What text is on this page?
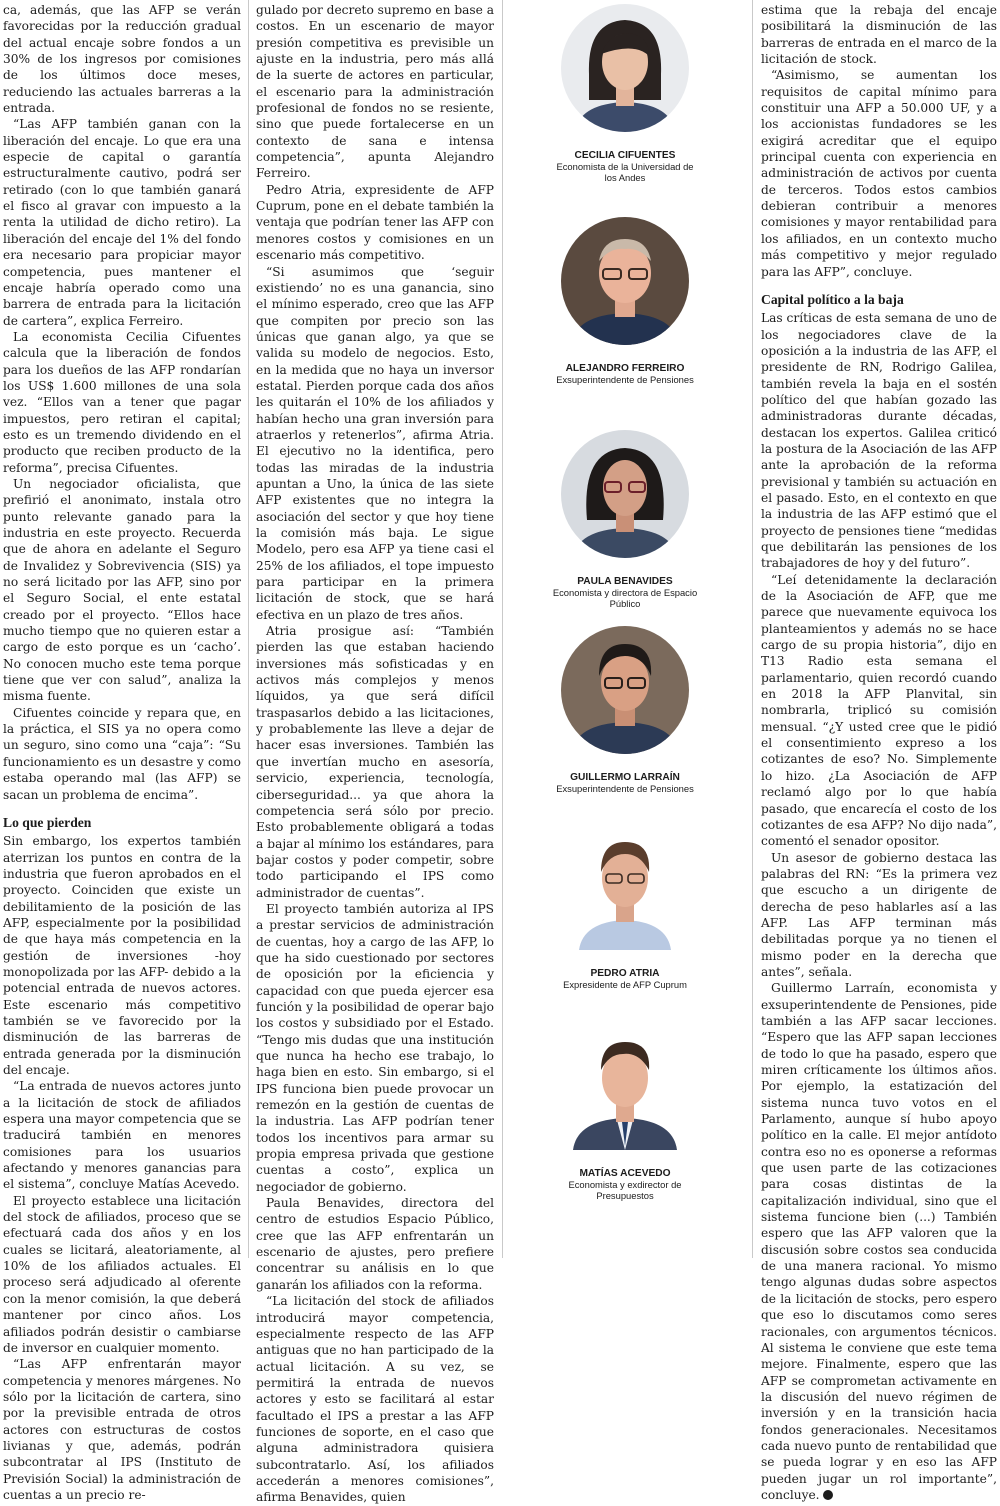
ca, además, que las AFP se verán favorecidas por la reducción gradual del actual encaje sobre fondos a un 30% de los ingresos por comisiones de los últimos doce meses, reduciendo las actuales barreras a la entrada.

“Las AFP también ganan con la liberación del encaje. Lo que era una especie de capital o garantía estructuralmente cautivo, podrá ser retirado (con lo que también ganará el fisco al gravar con impuesto a la renta la utilidad de dicho retiro). La liberación del encaje del 1% del fondo era necesario para propiciar mayor competencia, pues mantener el encaje habría operado como una barrera de entrada para la licitación de cartera”, explica Ferreiro.

La economista Cecilia Cifuentes calcula que la liberación de fondos para los dueños de las AFP rondarían los US$ 1.600 millones de una sola vez. “Ellos van a tener que pagar impuestos, pero retiran el capital; esto es un tremendo dividendo en el producto que reciben producto de la reforma”, precisa Cifuentes.

Un negociador oficialista, que prefirió el anonimato, instala otro punto relevante ganado para la industria en este proyecto. Recuerda que de ahora en adelante el Seguro de Invalidez y Sobrevivencia (SIS) ya no será licitado por las AFP, sino por el Seguro Social, el ente estatal creado por el proyecto. “Ellos hace mucho tiempo que no quieren estar a cargo de esto porque es un ‘cacho’. No conocen mucho este tema porque tiene que ver con salud”, analiza la misma fuente.

Cifuentes coincide y repara que, en la práctica, el SIS ya no opera como un seguro, sino como una “caja”: “Su funcionamiento es un desastre y como estaba operando mal (las AFP) se sacan un problema de encima”.

Lo que pierden

Sin embargo, los expertos también aterrizan los puntos en contra de la industria que fueron aprobados en el proyecto. Coinciden que existe un debilitamiento de la posición de las AFP, especialmente por la posibilidad de que haya más competencia en la gestión de inversiones -hoy monopolizada por las AFP- debido a la potencial entrada de nuevos actores. Este escenario más competitivo también se ve favorecido por la disminución de las barreras de entrada generada por la disminución del encaje.

“La entrada de nuevos actores junto a la licitación de stock de afiliados espera una mayor competencia que se traducirá también en menores comisiones para los usuarios afectando y menores ganancias para el sistema”, concluye Matías Acevedo.

El proyecto establece una licitación del stock de afiliados, proceso que se efectuará cada dos años y en los cuales se licitará, aleatoriamente, al 10% de los afiliados actuales. El proceso será adjudicado al oferente con la menor comisión, la que deberá mantener por cinco años. Los afiliados podrán desistir o cambiarse de inversor en cualquier momento.

“Las AFP enfrentarán mayor competencia y menores márgenes. No sólo por la licitación de cartera, sino por la previsible entrada de otros actores con estructuras de costos livianas y que, además, podrán subcontratar al IPS (Instituto de Previsión Social) la administración de cuentas a un precio re-

gulado por decreto supremo en base a costos. En un escenario de mayor presión competitiva es previsible un ajuste en la industria, pero más allá de la suerte de actores en particular, el escenario para la administración profesional de fondos no se resiente, sino que puede fortalecerse en un contexto de sana e intensa competencia”, apunta Alejandro Ferreiro.

Pedro Atria, expresidente de AFP Cuprum, pone en el debate también la ventaja que podrían tener las AFP con menores costos y comisiones en un escenario más competitivo.

“Si asumimos que ‘seguir existiendo’ no es una ganancia, sino el mínimo esperado, creo que las AFP que compiten por precio son las únicas que ganan algo, ya que se valida su modelo de negocios. Esto, en la medida que no haya un inversor estatal. Pierden porque cada dos años les quitarán el 10% de los afiliados y habían hecho una gran inversión para atraerlos y retenerlos”, afirma Atria. El ejecutivo no la identifica, pero todas las miradas de la industria apuntan a Uno, la única de las siete AFP existentes que no integra la asociación del sector y que hoy tiene la comisión más baja. Le sigue Modelo, pero esa AFP ya tiene casi el 25% de los afiliados, el tope impuesto para participar en la primera licitación de stock, que se hará efectiva en un plazo de tres años.

Atria prosigue así: “También pierden las que estaban haciendo inversiones más sofisticadas y en activos más complejos y menos líquidos, ya que será difícil traspasarlos debido a las licitaciones, y probablemente las lleve a dejar de hacer esas inversiones. También las que invertían mucho en asesoría, servicio, experiencia, tecnología, ciberseguridad... ya que ahora la competencia será sólo por precio. Esto probablemente obligará a todas a bajar al mínimo los estándares, para bajar costos y poder competir, sobre todo participando el IPS como administrador de cuentas”.

El proyecto también autoriza al IPS a prestar servicios de administración de cuentas, hoy a cargo de las AFP, lo que ha sido cuestionado por sectores de oposición por la eficiencia y capacidad con que pueda ejercer esa función y la posibilidad de operar bajo los costos y subsidiado por el Estado. “Tengo mis dudas que una institución que nunca ha hecho ese trabajo, lo haga bien en esto. Sin embargo, si el IPS funciona bien puede provocar un remezón en la gestión de cuentas de la industria. Las AFP podrían tener todos los incentivos para armar su propia empresa privada que gestione cuentas a costo”, explica un negociador de gobierno.

Paula Benavides, directora del centro de estudios Espacio Público, cree que las AFP enfrentarán un escenario de ajustes, pero prefiere concentrar su análisis en lo que ganarán los afiliados con la reforma.

“La licitación del stock de afiliados introducirá mayor competencia, especialmente respecto de las AFP antiguas que no han participado de la actual licitación. A su vez, se permitirá la entrada de nuevos actores y esto se facilitará al estar facultado el IPS a prestar a las AFP funciones de soporte, en el caso que alguna administradora quisiera subcontratarlo. Así, los afiliados accederán a menores comisiones”, afirma Benavides, quien

CECILIA CIFUENTES
Economista de la Universidad de los Andes
ALEJANDRO FERREIRO
Exsuperintendente de Pensiones
PAULA BENAVIDES
Economista y directora de Espacio Público
GUILLERMO LARRAÍN
Exsuperintendente de Pensiones
PEDRO ATRIA
Expresidente de AFP Cuprum
MATÍAS ACEVEDO
Economista y exdirector de Presupuestos

estima que la rebaja del encaje posibilitará la disminución de las barreras de entrada en el marco de la licitación de stock.

“Asimismo, se aumentan los requisitos de capital mínimo para constituir una AFP a 50.000 UF, y a los accionistas fundadores se les exigirá acreditar que el equipo principal cuenta con experiencia en administración de activos por cuenta de terceros. Todos estos cambios debieran contribuir a menores comisiones y mayor rentabilidad para los afiliados, en un contexto mucho más competitivo y mejor regulado para las AFP”, concluye.

Capital político a la baja

Las críticas de esta semana de uno de los negociadores clave de la oposición a la industria de las AFP, el presidente de RN, Rodrigo Galilea, también revela la baja en el sostén político del que habían gozado las administradoras durante décadas, destacan los expertos. Galilea criticó la postura de la Asociación de las AFP ante la aprobación de la reforma previsional y también su actuación en el pasado. Esto, en el contexto en que la industria de las AFP estimó que el proyecto de pensiones tiene “medidas que debilitarán las pensiones de los trabajadores de hoy y del futuro”.

“Leí detenidamente la declaración de la Asociación de AFP, que me parece que nuevamente equivoca los planteamientos y además no se hace cargo de su propia historia”, dijo en T13 Radio esta semana el parlamentario, quien recordó cuando en 2018 la AFP Planvital, sin nombrarla, triplicó su comisión mensual. “¿Y usted cree que le pidió el consentimiento expreso a los cotizantes de eso? No. Simplemente lo hizo. ¿La Asociación de AFP reclamó algo por lo que había pasado, que encarecía el costo de los cotizantes de esa AFP? No dijo nada”, comentó el senador opositor.

Un asesor de gobierno destaca las palabras del RN: “Es la primera vez que escucho a un dirigente de derecha de peso hablarles así a las AFP. Las AFP terminan más debilitadas porque ya no tienen el mismo poder en la derecha que antes”, señala.

Guillermo Larraín, economista y exsuperintendente de Pensiones, pide también a las AFP sacar lecciones. “Espero que las AFP sapan lecciones de todo lo que ha pasado, espero que miren críticamente los últimos años. Por ejemplo, la estatización del sistema nunca tuvo votos en el Parlamento, aunque sí hubo apoyo político en la calle. El mejor antídoto contra eso no es oponerse a reformas que usen parte de las cotizaciones para cosas distintas de la capitalización individual, sino que el sistema funcione bien (...) También espero que las AFP valoren que la discusión sobre costos sea conducida de una manera racional. Yo mismo tengo algunas dudas sobre aspectos de la licitación de stocks, pero espero que eso lo discutamos como seres racionales, con argumentos técnicos. Al sistema le conviene que este tema mejore. Finalmente, espero que las AFP se comprometan activamente en la discusión del nuevo régimen de inversión y en la transición hacia fondos generacionales. Necesitamos cada nuevo punto de rentabilidad que se pueda lograr y en eso las AFP pueden jugar un rol importante”, concluye.
